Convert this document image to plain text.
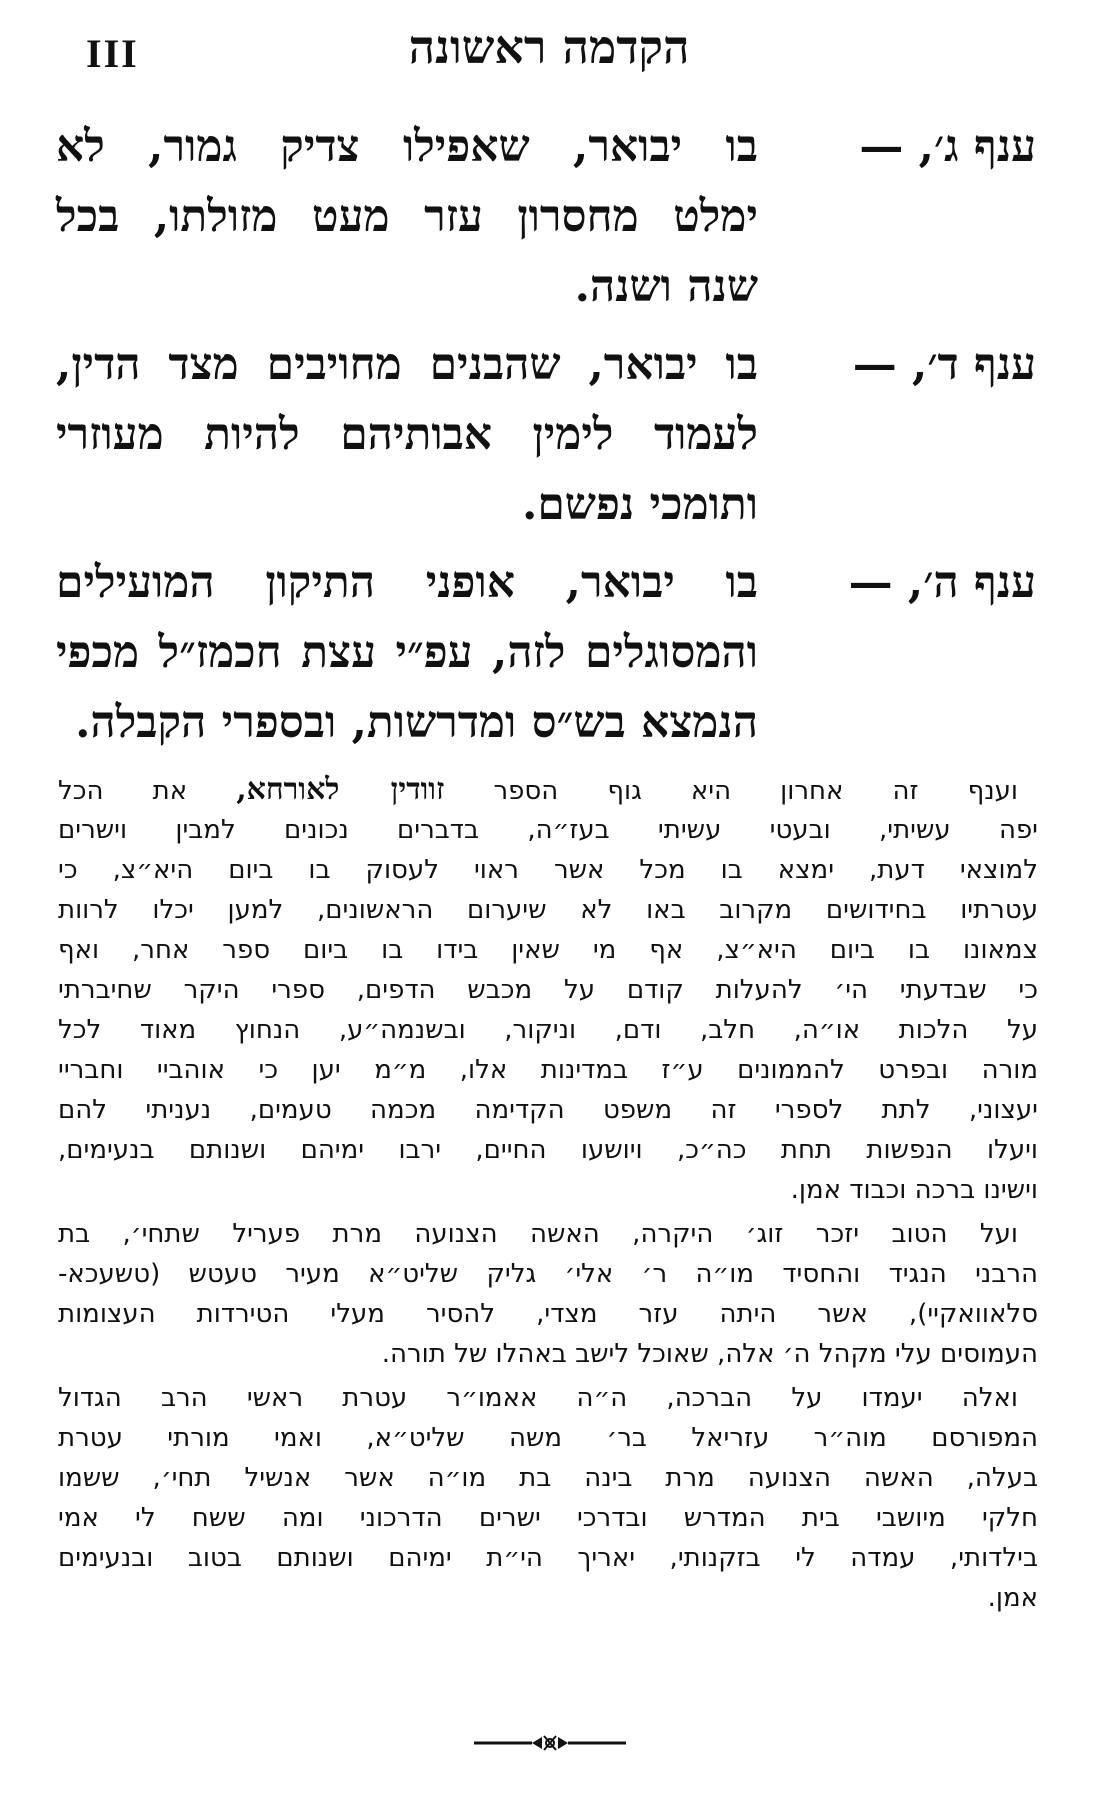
III	הקדמה ראשונה
ענף ג׳, —בו יבואר, שאפילו צדיק גמור, לא
ימלט מחסרון עזר מעט מזולתו, בכל
שנה ושנה.
ענף ד׳, —בו יבואר, שהבנים מחויבים מצד הדין,
לעמוד לימין אבותיהם להיות מעוזרי
ותומכי נפשם.
ענף ה׳, —בו יבואר, אופני התיקון המועילים
והמסוגלים לזה, עפ״י עצת חכמז״ל מכפי
הנמצא בש״ס ומדרשות, ובספרי הקבלה.
וענף זה אחרון היא גוף הספר זוודין לאורחא, את הכל
יפה עשיתי, ובעטי עשיתי בעז״ה, בדברים נכונים למבין וישרים
למוצאי דעת, ימצא בו מכל אשר ראוי לעסוק בו ביום היא״צ, כי
עטרתיו בחידושים מקרוב באו לא שיערום הראשונים, למען יכלו לרוות
צמאונו בו ביום היא״צ, אף מי שאין בידו בו ביום ספר אחר, ואף
כי שבדעתי הי׳ להעלות קודם על מכבש הדפים, ספרי היקר שחיברתי
על הלכות או״ה, חלב, ודם, וניקור, ובשנמה״ע, הנחוץ מאוד לכל
מורה ובפרט להממונים ע״ז במדינות אלו, מ״מ יען כי אוהביי וחבריי
יעצוני, לתת לספרי זה משפט הקדימה מכמה טעמים, נעניתי להם
ויעלו הנפשות תחת כה״כ, ויושעו החיים, ירבו ימיהם ושנותם בנעימים,
וישינו ברכה וכבוד אמן.
ועל הטוב יזכר זוג׳ היקרה, האשה הצנועה מרת פעריל שתחי׳, בת
הרבני הנגיד והחסיד מו״ה ר׳ אלי׳ גליק שליט״א מעיר טעטש (טשעכא-
סלאוואקיי), אשר היתה עזר מצדי, להסיר מעלי הטירדות העצומות
העמוסים עלי מקהל ה׳ אלה, שאוכל לישב באהלו של תורה.
ואלה יעמדו על הברכה, ה״ה אאמו״ר עטרת ראשי הרב הגדול
המפורסם מוה״ר עזריאל בר׳ משה שליט״א, ואמי מורתי עטרת
בעלה, האשה הצנועה מרת בינה בת מו״ה אשר אנשיל תחי׳, ששמו
חלקי מיושבי בית המדרש ובדרכי ישרים הדרכוני ומה ששח לי אמי
בילדותי, עמדה לי בזקנותי, יאריך הי״ת ימיהם ושנותם בטוב ובנעימים
אמן.
